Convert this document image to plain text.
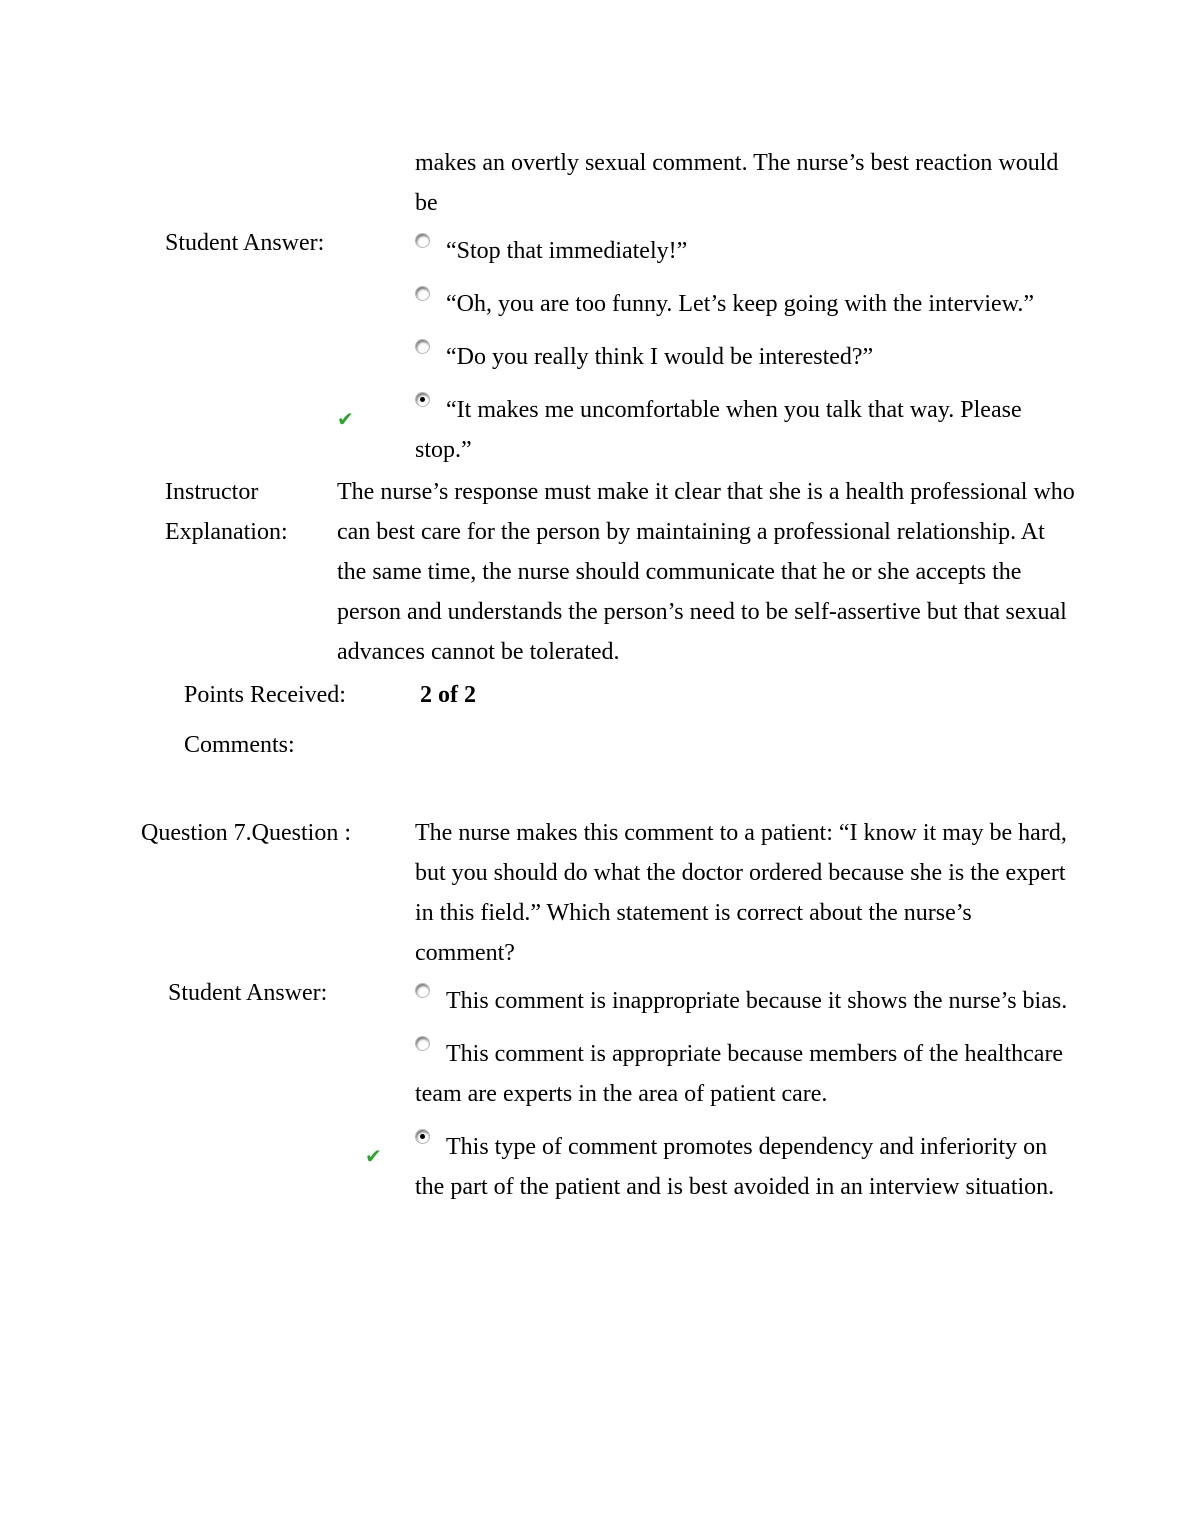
makes an overtly sexual comment. The nurse’s best reaction would be
Student Answer:	“Stop that immediately!”

“Oh, you are too funny. Let’s keep going with the interview.”

“Do you really think I would be interested?”

✔	“It makes me uncomfortable when you talk that way. Please stop.”

Instructor Explanation:
The nurse’s response must make it clear that she is a health professional who can best care for the person by maintaining a professional relationship. At the same time, the nurse should communicate that he or she accepts the person and understands the person’s need to be self-assertive but that sexual advances cannot be tolerated.
Points Received:	2 of 2
Comments:
Question 7.Question :	The nurse makes this comment to a patient: “I know it may be hard, but you should do what the doctor ordered because she is the expert in this field.” Which statement is correct about the nurse’s comment?
Student Answer:	This comment is inappropriate because it shows the nurse’s bias.

This comment is appropriate because members of the healthcare team are experts in the area of patient care.

✔	This type of comment promotes dependency and inferiority on the part of the patient and is best avoided in an interview situation.
